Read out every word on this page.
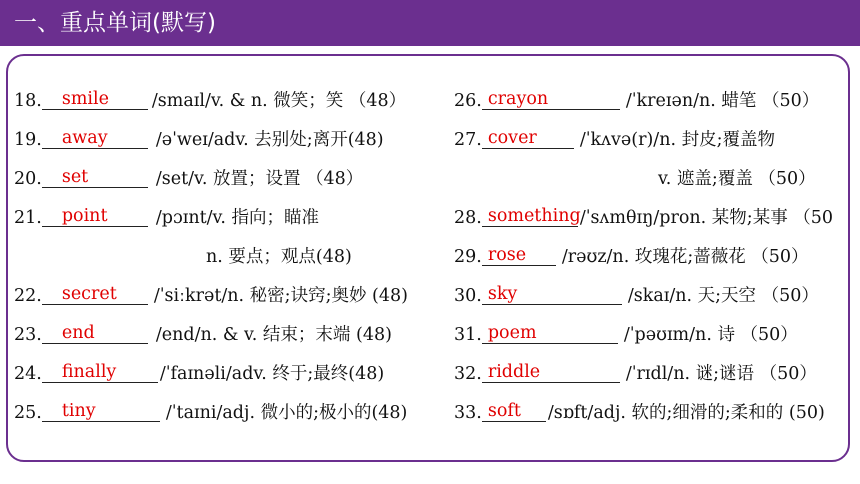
一、重点单词(默写)
18. smile /smaɪl/v. & n. 微笑；笑 （48）
19. away	/əˈweɪ/adv. 去别处;离开(48)
20. set	/set/v. 放置；设置 （48）
21. point	/pɔɪnt/v. 指向；瞄准
n. 要点；观点(48)
22. secret /ˈsiːkrət/n. 秘密;诀窍;奥妙 (48)
23. end	/end/n. & v. 结束；末端 (48)
24. finally /ˈfaɪnəli/adv. 终于;最终(48)
25. tiny	/ˈtaɪni/adj. 微小的;极小的(48)
26. crayon	/ˈkreɪən/n. 蜡笔 （50）
27. cover /ˈkʌvə(r)/n. 封皮;覆盖物
v. 遮盖;覆盖 （50）
28. something/ˈsʌmθɪŋ/pron. 某物;某事 （50
29. rose /rəʊz/n. 玫瑰花;蔷薇花 （50）
30. sky	/skaɪ/n. 天;天空 （50）
31. poem	/ˈpəʊɪm/n. 诗 （50）
32. riddle	/ˈrɪdl/n. 谜;谜语 （50）
33. soft /sɒft/adj. 软的;细滑的;柔和的 (50)
